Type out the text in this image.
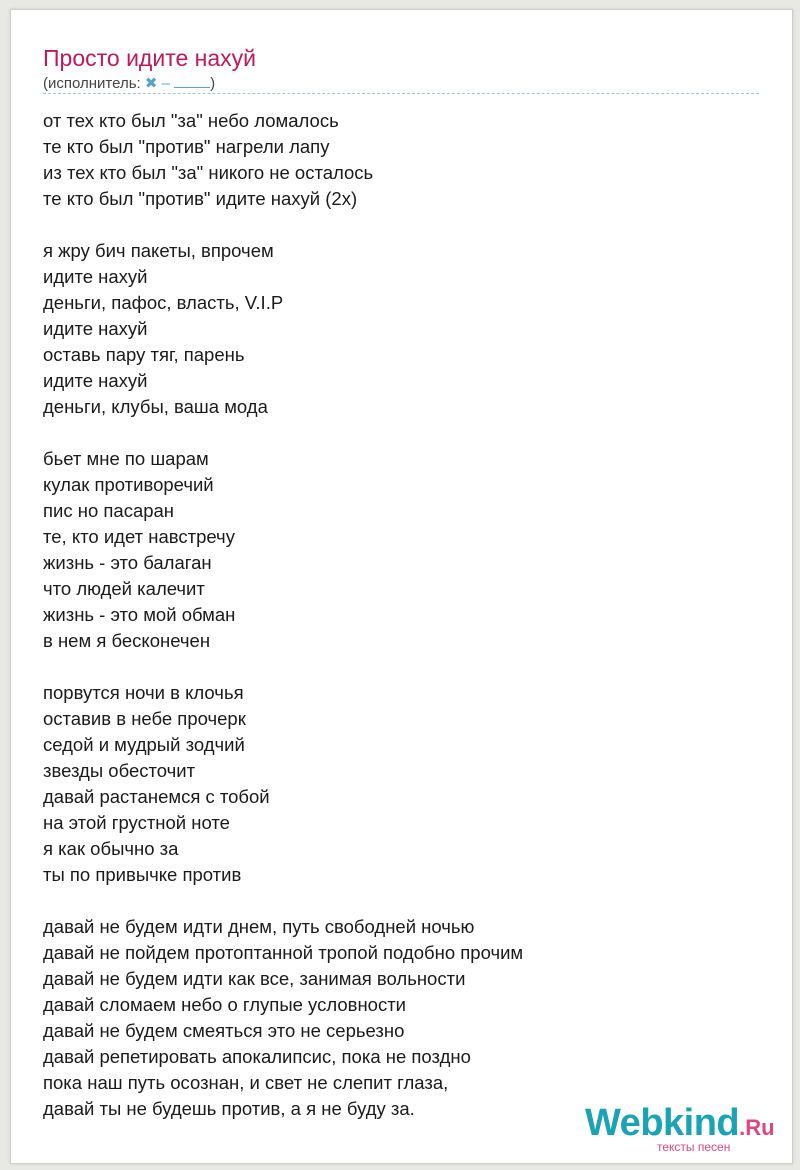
Просто идите нахуй
(исполнитель: ✖ – )
от тех кто был "за" небо ломалось
те кто был "против" нагрели лапу
из тех кто был "за" никого не осталось
те кто был "против" идите нахуй (2х)
я жру бич пакеты, впрочем
идите нахуй
деньги, пафос, власть, V.I.P
идите нахуй
оставь пару тяг, парень
идите нахуй
деньги, клубы, ваша мода
бьет мне по шарам
кулак противоречий
пис но пасаран
те, кто идет навстречу
жизнь - это балаган
что людей калечит
жизнь - это мой обман
в нем я бесконечен
порвутся ночи в клочья
оставив в небе прочерк
седой и мудрый зодчий
звезды обесточит
давай растанемся с тобой
на этой грустной ноте
я как обычно за
ты по привычке против
давай не будем идти днем, путь свободней ночью
давай не пойдем протоптанной тропой подобно прочим
давай не будем идти как все, занимая вольности
давай сломаем небо о глупые условности
давай не будем смеяться это не серьезно
давай репетировать апокалипсис, пока не поздно
пока наш путь осознан, и свет не слепит глаза,
давай ты не будешь против, а я не буду за.	Webkind.Ru
тексты песен
